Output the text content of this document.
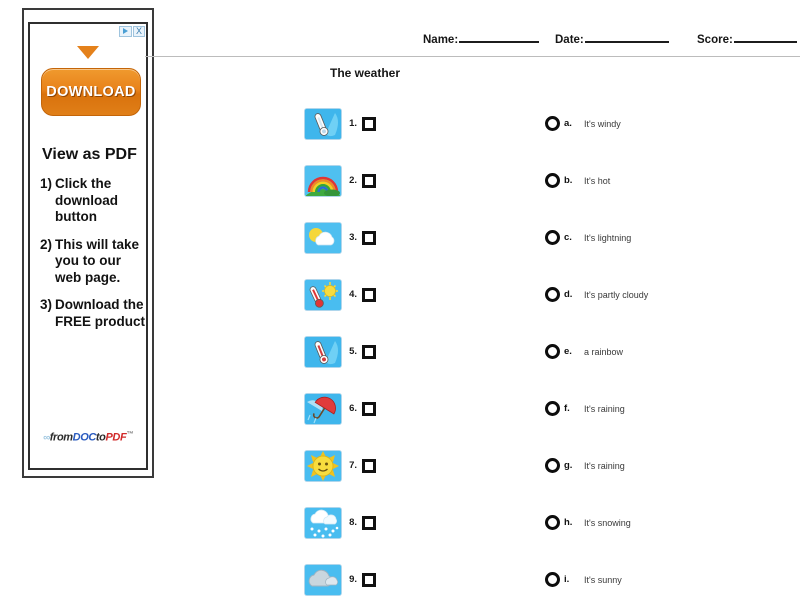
X
DOWNLOAD
View as PDF
1) Click the download button
2) This will take you to our web page.
3) Download the FREE product
∞fromDOCtoPDF™
Name:	Date:	Score:
The weather
1.
2.
3.
4.
5.
6.
7.
8.
9.
a.	It's windy
b.	It's hot
c.	It's lightning
d.	It's partly cloudy
e.	a rainbow
f.	It's raining
g.	It's raining
h.	It's snowing
i.	It's sunny
